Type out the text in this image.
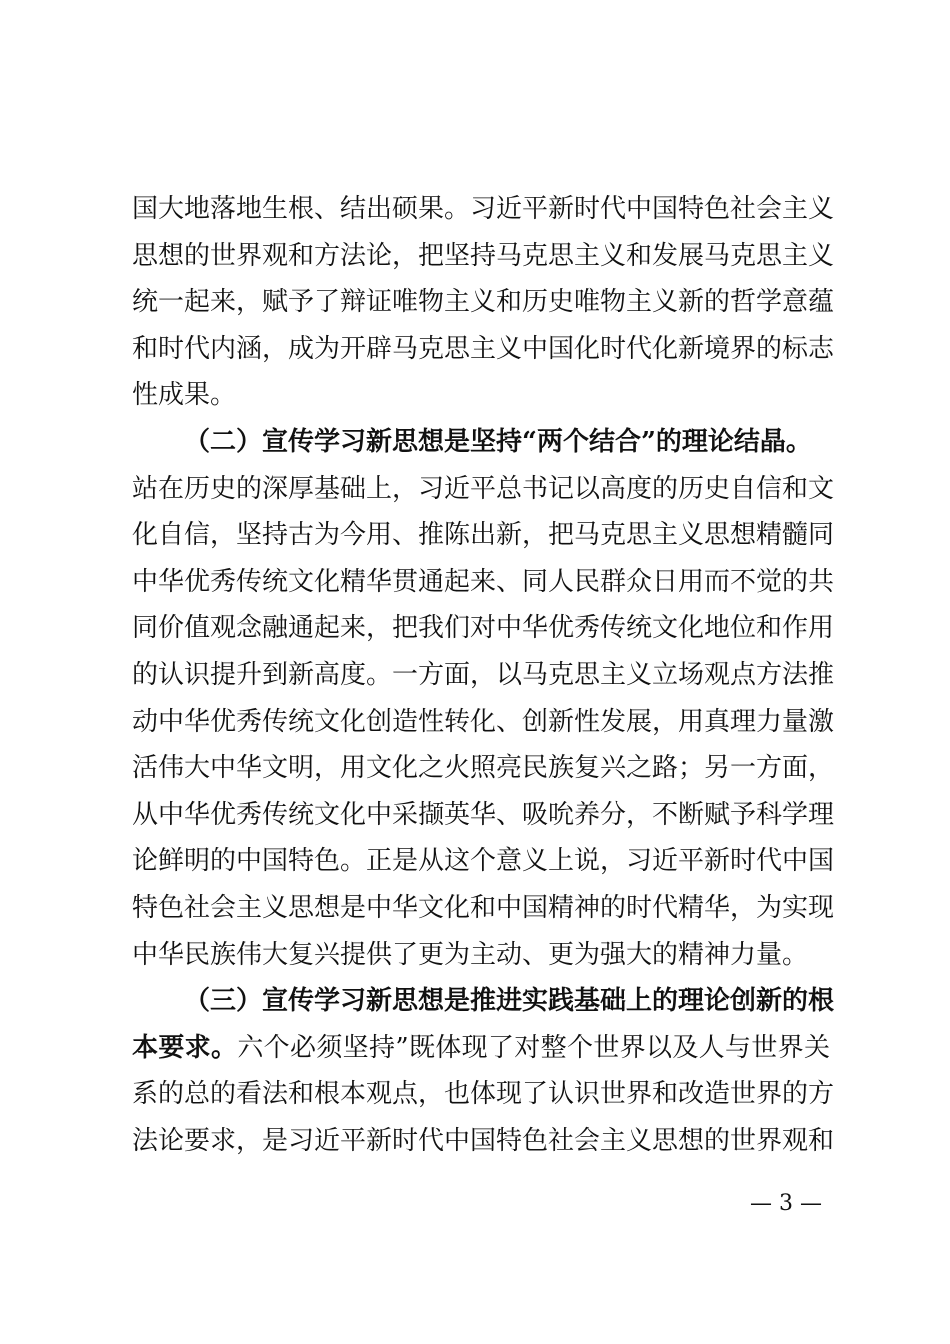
国大地落地生根、结出硕果。习近平新时代中国特色社会主义
思想的世界观和方法论，把坚持马克思主义和发展马克思主义
统一起来，赋予了辩证唯物主义和历史唯物主义新的哲学意蕴
和时代内涵，成为开辟马克思主义中国化时代化新境界的标志
性成果。
（二）宣传学习新思想是坚持“两个结合”的理论结晶。
站在历史的深厚基础上，习近平总书记以高度的历史自信和文
化自信，坚持古为今用、推陈出新，把马克思主义思想精髓同
中华优秀传统文化精华贯通起来、同人民群众日用而不觉的共
同价值观念融通起来，把我们对中华优秀传统文化地位和作用
的认识提升到新高度。一方面，以马克思主义立场观点方法推
动中华优秀传统文化创造性转化、创新性发展，用真理力量激
活伟大中华文明，用文化之火照亮民族复兴之路；另一方面，
从中华优秀传统文化中采撷英华、吸吮养分，不断赋予科学理
论鲜明的中国特色。正是从这个意义上说，习近平新时代中国
特色社会主义思想是中华文化和中国精神的时代精华，为实现
中华民族伟大复兴提供了更为主动、更为强大的精神力量。
（三）宣传学习新思想是推进实践基础上的理论创新的根
本要求。六个必须坚持”既体现了对整个世界以及人与世界关
系的总的看法和根本观点，也体现了认识世界和改造世界的方
法论要求，是习近平新时代中国特色社会主义思想的世界观和
— 3 —
